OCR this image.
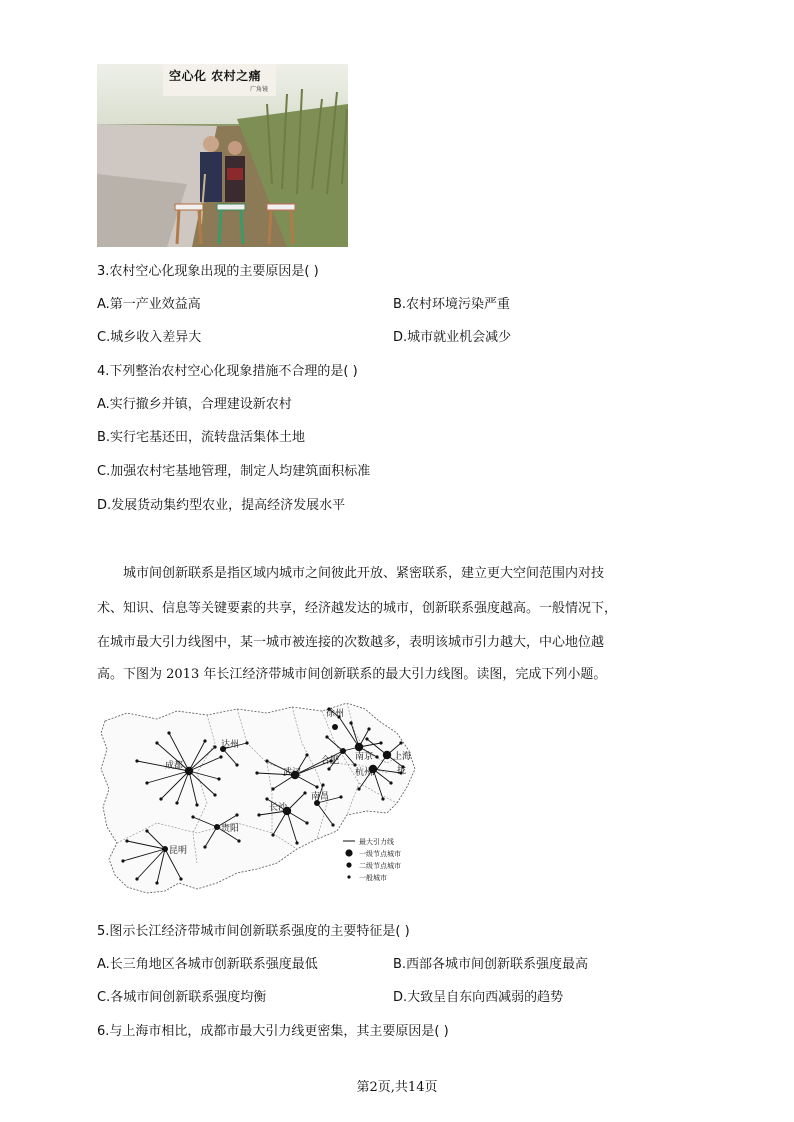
空心化 农村之痛
广角镜
3.农村空心化现象出现的主要原因是( )
A.第一产业效益高	B.农村环境污染严重
C.城乡收入差异大	D.城市就业机会减少
4.下列整治农村空心化现象措施不合理的是( )
A.实行撤乡并镇，合理建设新农村
B.实行宅基还田，流转盘活集体土地
C.加强农村宅基地管理，制定人均建筑面积标准
D.发展货动集约型农业，提高经济发展水平
城市间创新联系是指区域内城市之间彼此开放、紧密联系，建立更大空间范围内对技
术、知识、信息等关键要素的共享，经济越发达的城市，创新联系强度越高。一般情况下，
在城市最大引力线图中，某一城市被连接的次数越多，表明该城市引力越大，中心地位越
高。下图为 2013 年长江经济带城市间创新联系的最大引力线图。读图，完成下列小题。
徐州
达州
成都	合肥 南京 上海
杭州
武汉
长沙
南昌
贵阳
昆明
拢
最大引力线
一级节点城市
二级节点城市
一般城市
5.图示长江经济带城市间创新联系强度的主要特征是( )
A.长三角地区各城市创新联系强度最低	B.西部各城市间创新联系强度最高
C.各城市间创新联系强度均衡	D.大致呈自东向西减弱的趋势
6.与上海市相比，成都市最大引力线更密集，其主要原因是( )
第2页,共14页
